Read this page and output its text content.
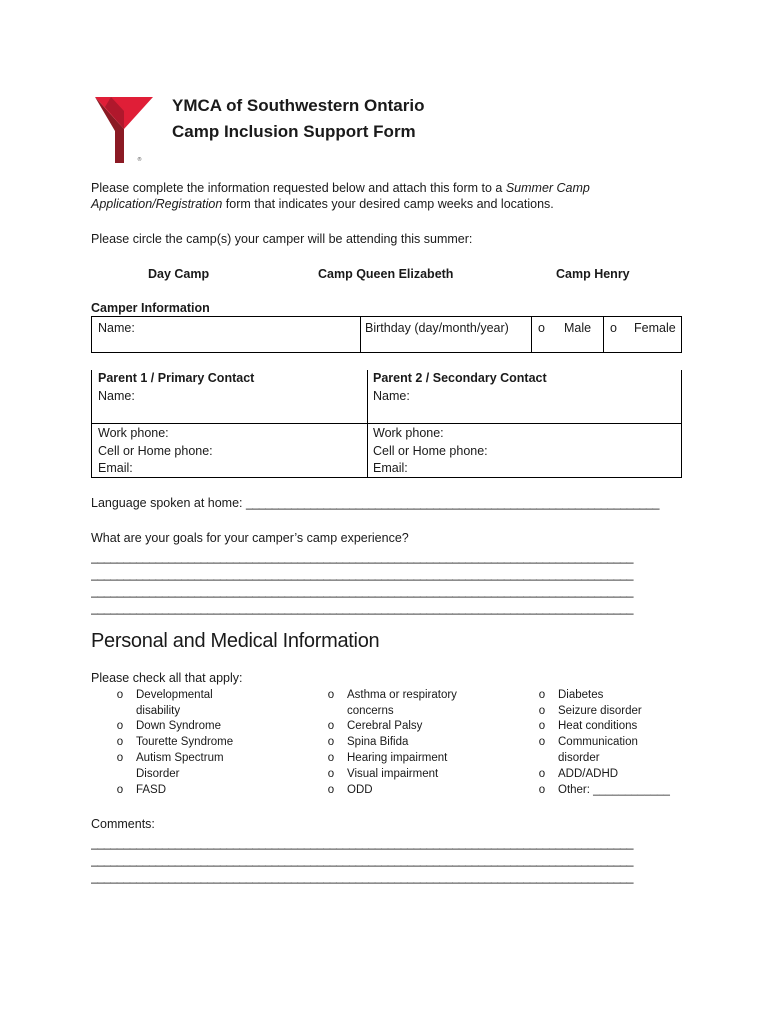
®
YMCA of Southwestern Ontario
Camp Inclusion Support Form
Please complete the information requested below and attach this form to a Summer Camp
Application/Registration form that indicates your desired camp weeks and locations.
Please circle the camp(s) your camper will be attending this summer:
Day Camp	Camp Queen Elizabeth	Camp Henry
Camper Information
Name:	Birthday (day/month/year) o Male o Female
Parent 1 / Primary Contact	Parent 2 / Secondary Contact
Name:	Name:
Work phone:	Work phone:
Cell or Home phone:	Cell or Home phone:
Email:	Email:
Language spoken at home: ________________________________________________________________
What are your goals for your camper’s camp experience?
____________________________________________________________________________________
____________________________________________________________________________________
____________________________________________________________________________________
____________________________________________________________________________________
Personal and Medical Information
Please check all that apply:
o Developmental disability
o Down Syndrome
o Tourette Syndrome
o Autism Spectrum Disorder
o FASD
o Asthma or respiratory concerns
o Cerebral Palsy
o Spina Bifida
o Hearing impairment
o Visual impairment
o ODD
o Diabetes
o Seizure disorder
o Heat conditions
o Communication disorder
o ADD/ADHD
o Other: ____________
Comments:
____________________________________________________________________________________
____________________________________________________________________________________
____________________________________________________________________________________
